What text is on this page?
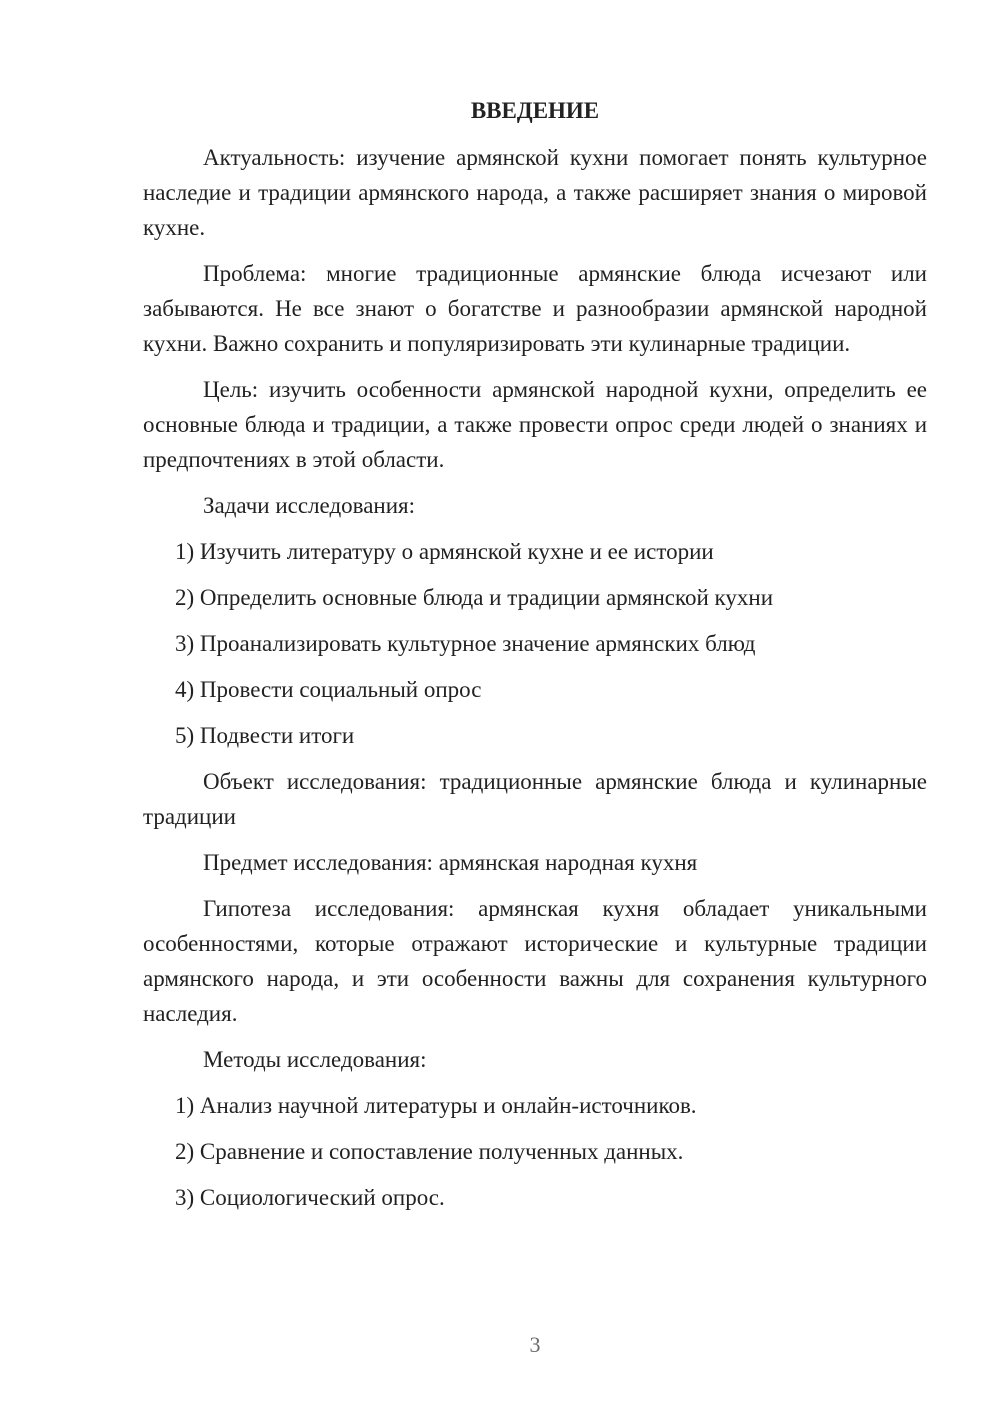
ВВЕДЕНИЕ
Актуальность: изучение армянской кухни помогает понять культурное наследие и традиции армянского народа, а также расширяет знания о мировой кухне.
Проблема: многие традиционные армянские блюда исчезают или забываются. Не все знают о богатстве и разнообразии армянской народной кухни. Важно сохранить и популяризировать эти кулинарные традиции.
Цель: изучить особенности армянской народной кухни, определить ее основные блюда и традиции, а также провести опрос среди людей о знаниях и предпочтениях в этой области.
Задачи исследования:
1) Изучить литературу о армянской кухне и ее истории
2) Определить основные блюда и традиции армянской кухни
3) Проанализировать культурное значение армянских блюд
4) Провести социальный опрос
5) Подвести итоги
Объект исследования: традиционные армянские блюда и кулинарные традиции
Предмет исследования: армянская народная кухня
Гипотеза исследования: армянская кухня обладает уникальными особенностями, которые отражают исторические и культурные традиции армянского народа, и эти особенности важны для сохранения культурного наследия.
Методы исследования:
1) Анализ научной литературы и онлайн-источников.
2) Сравнение и сопоставление полученных данных.
3) Социологический опрос.
3
